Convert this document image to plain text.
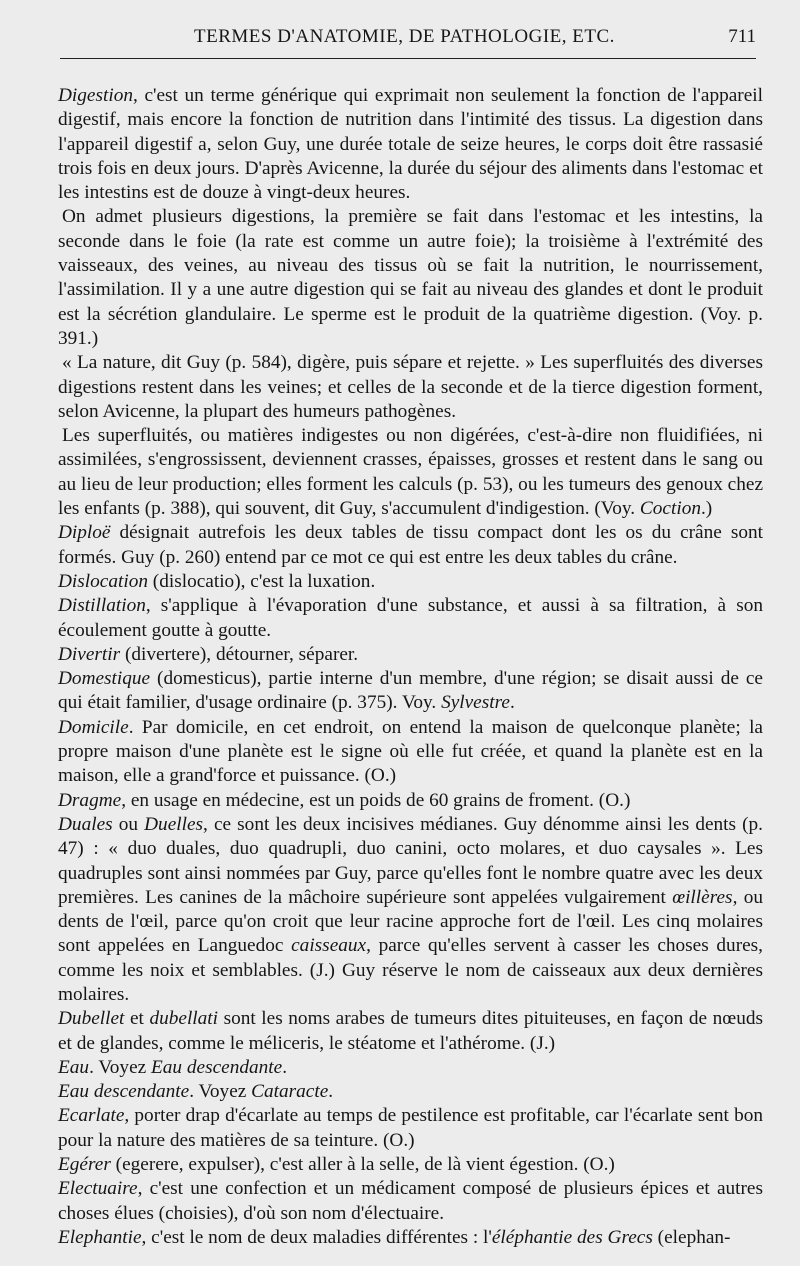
TERMES D'ANATOMIE, DE PATHOLOGIE, ETC.	711

Digestion, c'est un terme générique qui exprimait non seulement la fonction de l'appareil digestif, mais encore la fonction de nutrition dans l'intimité des tissus. La digestion dans l'appareil digestif a, selon Guy, une durée totale de seize heures, le corps doit être rassasié trois fois en deux jours. D'après Avicenne, la durée du séjour des aliments dans l'estomac et les intestins est de douze à vingt-deux heures.

On admet plusieurs digestions, la première se fait dans l'estomac et les intestins, la seconde dans le foie (la rate est comme un autre foie); la troisième à l'extrémité des vaisseaux, des veines, au niveau des tissus où se fait la nutrition, le nourrissement, l'assimilation. Il y a une autre digestion qui se fait au niveau des glandes et dont le produit est la sécrétion glandulaire. Le sperme est le produit de la quatrième digestion. (Voy. p. 391.)

« La nature, dit Guy (p. 584), digère, puis sépare et rejette. » Les superfluités des diverses digestions restent dans les veines; et celles de la seconde et de la tierce digestion forment, selon Avicenne, la plupart des humeurs pathogènes.

Les superfluités, ou matières indigestes ou non digérées, c'est-à-dire non fluidifiées, ni assimilées, s'engrossissent, deviennent crasses, épaisses, grosses et restent dans le sang ou au lieu de leur production; elles forment les calculs (p. 53), ou les tumeurs des genoux chez les enfants (p. 388), qui souvent, dit Guy, s'accumulent d'indigestion. (Voy. Coction.)

Diploë désignait autrefois les deux tables de tissu compact dont les os du crâne sont formés. Guy (p. 260) entend par ce mot ce qui est entre les deux tables du crâne.

Dislocation (dislocatio), c'est la luxation.

Distillation, s'applique à l'évaporation d'une substance, et aussi à sa filtration, à son écoulement goutte à goutte.

Divertir (divertere), détourner, séparer.

Domestique (domesticus), partie interne d'un membre, d'une région; se disait aussi de ce qui était familier, d'usage ordinaire (p. 375). Voy. Sylvestre.

Domicile. Par domicile, en cet endroit, on entend la maison de quelconque planète; la propre maison d'une planète est le signe où elle fut créée, et quand la planète est en la maison, elle a grand'force et puissance. (O.)

Dragme, en usage en médecine, est un poids de 60 grains de froment. (O.)

Duales ou Duelles, ce sont les deux incisives médianes. Guy dénomme ainsi les dents (p. 47) : « duo duales, duo quadrupli, duo canini, octo molares, et duo caysales ». Les quadruples sont ainsi nommées par Guy, parce qu'elles font le nombre quatre avec les deux premières. Les canines de la mâchoire supérieure sont appelées vulgairement œillères, ou dents de l'œil, parce qu'on croit que leur racine approche fort de l'œil. Les cinq molaires sont appelées en Languedoc caisseaux, parce qu'elles servent à casser les choses dures, comme les noix et semblables. (J.) Guy réserve le nom de caisseaux aux deux dernières molaires.

Dubellet et dubellati sont les noms arabes de tumeurs dites pituiteuses, en façon de nœuds et de glandes, comme le méliceris, le stéatome et l'athérome. (J.)

Eau. Voyez Eau descendante.

Eau descendante. Voyez Cataracte.

Ecarlate, porter drap d'écarlate au temps de pestilence est profitable, car l'écarlate sent bon pour la nature des matières de sa teinture. (O.)

Egérer (egerere, expulser), c'est aller à la selle, de là vient égestion. (O.)

Electuaire, c'est une confection et un médicament composé de plusieurs épices et autres choses élues (choisies), d'où son nom d'électuaire.

Elephantie, c'est le nom de deux maladies différentes : l'éléphantie des Grecs (elephan-
